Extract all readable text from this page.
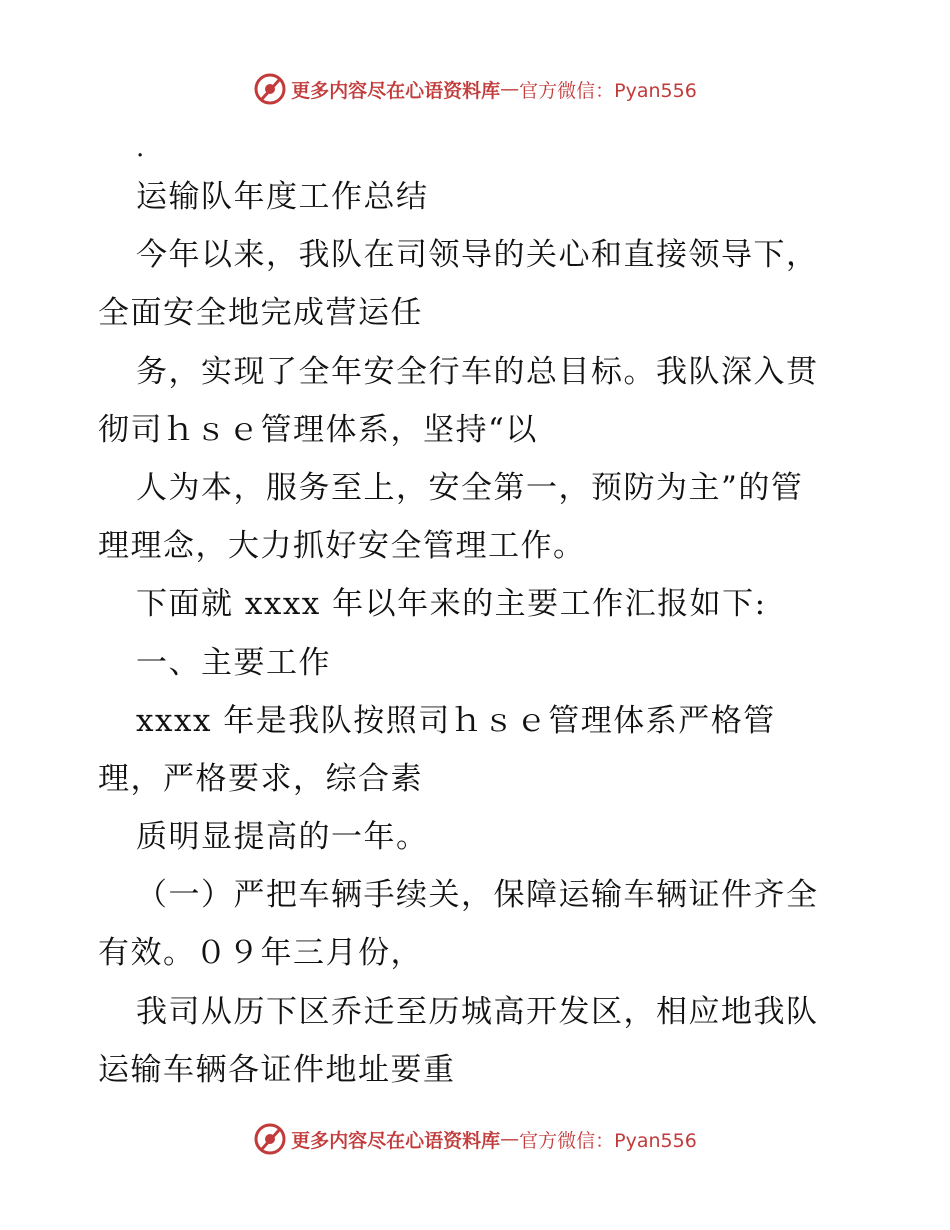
更多内容尽在心语资料库 — 官方微信：Pyan556
.
运输队年度工作总结
今年以来，我队在司领导的关心和直接领导下，
全面安全地完成营运任
务，实现了全年安全行车的总目标。我队深入贯
彻司ｈｓｅ管理体系，坚持“以
人为本，服务至上，安全第一，预防为主”的管
理理念，大力抓好安全管理工作。
下面就 xxxx 年以年来的主要工作汇报如下:
一、主要工作
xxxx 年是我队按照司ｈｓｅ管理体系严格管
理，严格要求，综合素
质明显提高的一年。
（一）严把车辆手续关，保障运输车辆证件齐全
有效。０９年三月份，
我司从历下区乔迁至历城高开发区，相应地我队
运输车辆各证件地址要重
更多内容尽在心语资料库 — 官方微信：Pyan556
